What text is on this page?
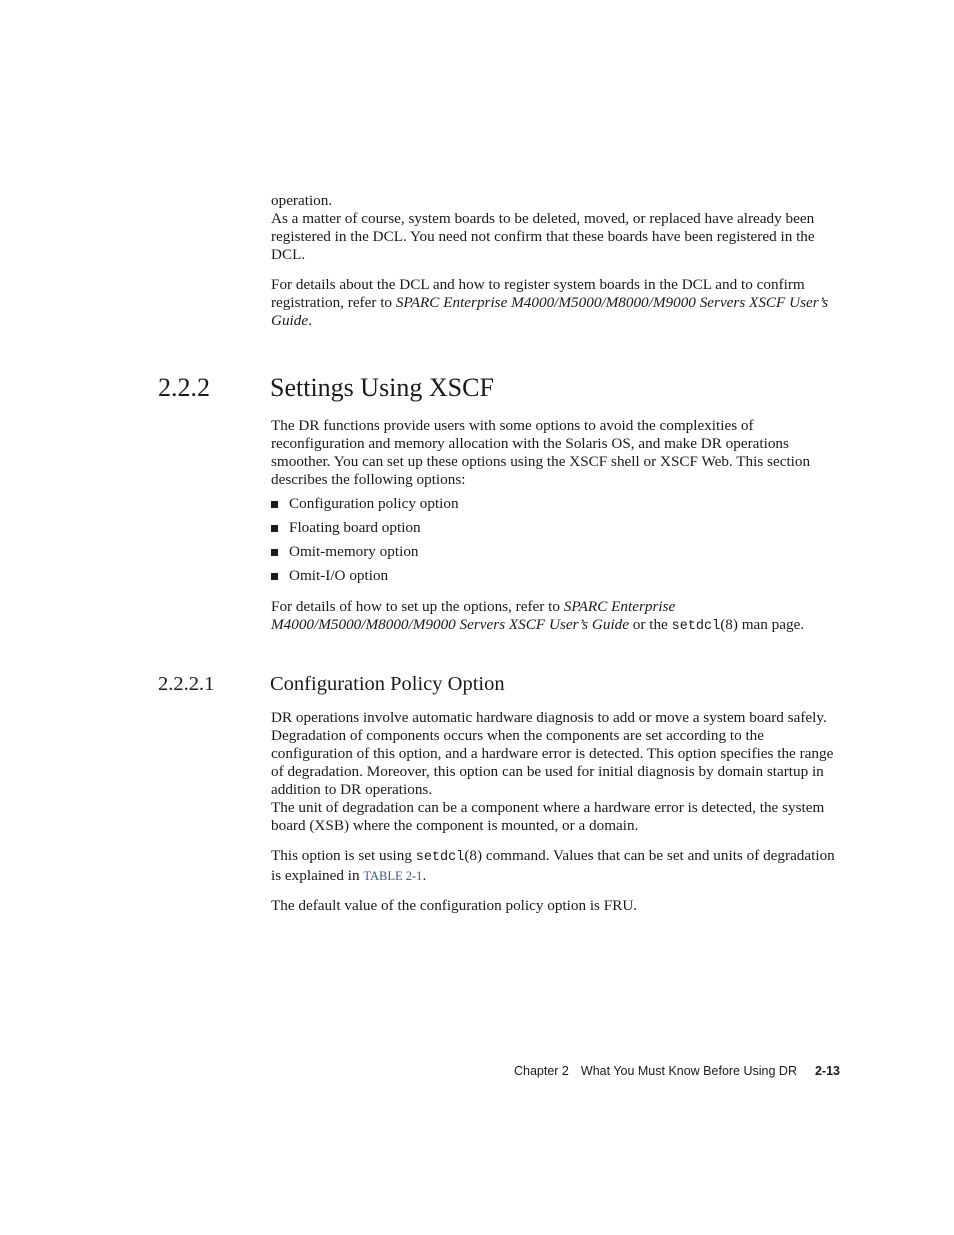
operation.

As a matter of course, system boards to be deleted, moved, or replaced have already been registered in the DCL. You need not confirm that these boards have been registered in the DCL.

For details about the DCL and how to register system boards in the DCL and to confirm registration, refer to SPARC Enterprise M4000/M5000/M8000/M9000 Servers XSCF User’s Guide.

2.2.2 Settings Using XSCF

The DR functions provide users with some options to avoid the complexities of reconfiguration and memory allocation with the Solaris OS, and make DR operations smoother. You can set up these options using the XSCF shell or XSCF Web. This section describes the following options:

Configuration policy option
Floating board option
Omit-memory option
Omit-I/O option

For details of how to set up the options, refer to SPARC Enterprise M4000/M5000/M8000/M9000 Servers XSCF User’s Guide or the setdcl(8) man page.

2.2.2.1	Configuration Policy Option

DR operations involve automatic hardware diagnosis to add or move a system board safely. Degradation of components occurs when the components are set according to the configuration of this option, and a hardware error is detected. This option specifies the range of degradation. Moreover, this option can be used for initial diagnosis by domain startup in addition to DR operations.

The unit of degradation can be a component where a hardware error is detected, the system board (XSB) where the component is mounted, or a domain.

This option is set using setdcl(8) command. Values that can be set and units of degradation is explained in TABLE 2-1.

The default value of the configuration policy option is FRU.

Chapter 2 What You Must Know Before Using DR 2-13
